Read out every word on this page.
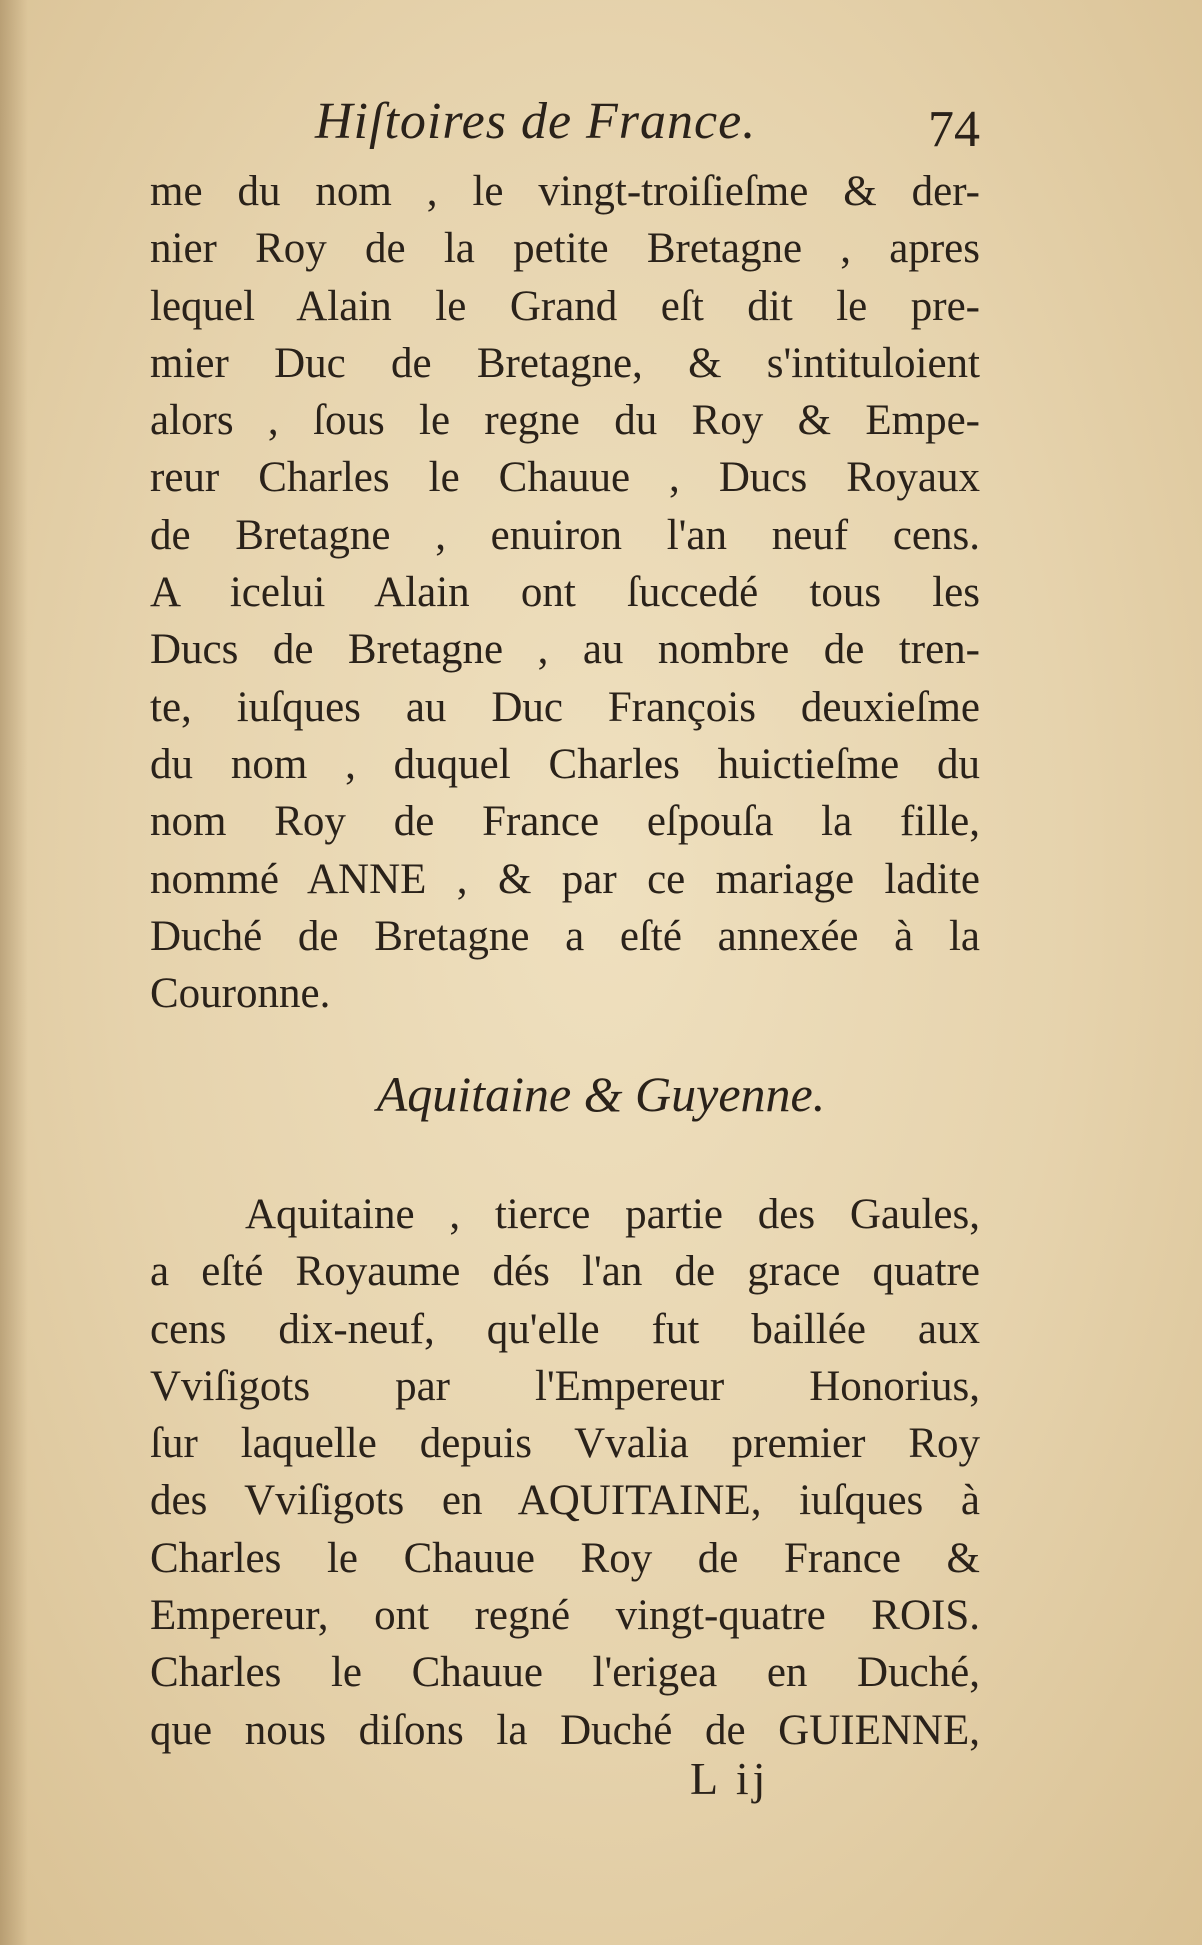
Hiſtoires de France.	74
me du nom , le vingt-troiſieſme & der-
nier Roy de la petite Bretagne , apres
lequel Alain le Grand eſt dit le pre-
mier Duc de Bretagne, & s'intituloient
alors , ſous le regne du Roy & Empe-
reur Charles le Chauue , Ducs Royaux
de Bretagne , enuiron l'an neuf cens.
A icelui Alain ont ſuccedé tous les
Ducs de Bretagne , au nombre de tren-
te, iuſques au Duc François deuxieſme
du nom , duquel Charles huictieſme du
nom Roy de France eſpouſa la fille,
nommé ANNE , & par ce mariage ladite
Duché de Bretagne a eſté annexée à la
Couronne.
Aquitaine & Guyenne.
Aquitaine , tierce partie des Gaules,
a eſté Royaume dés l'an de grace quatre
cens dix-neuf, qu'elle fut baillée aux
Vviſigots par l'Empereur Honorius,
ſur laquelle depuis Vvalia premier Roy
des Vviſigots en AQUITAINE, iuſques à
Charles le Chauue Roy de France &
Empereur, ont regné vingt-quatre ROIS.
Charles le Chauue l'erigea en Duché,
que nous diſons la Duché de GUIENNE,
L ij
